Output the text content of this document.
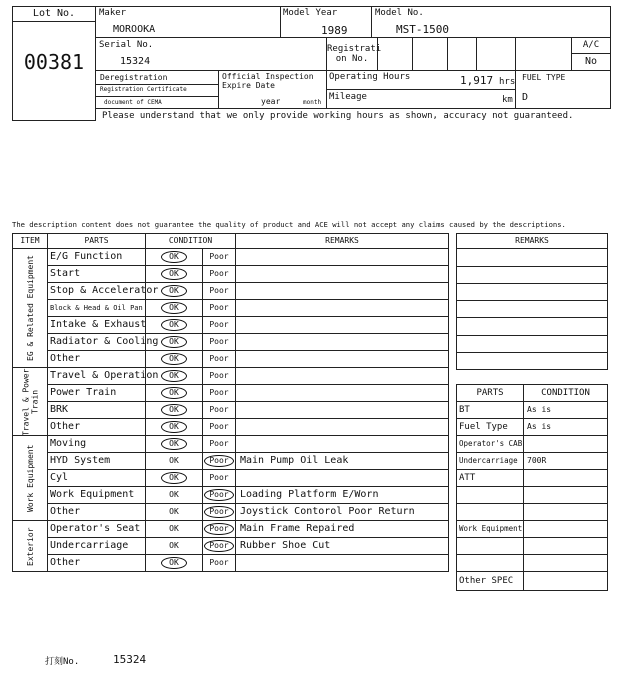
Lot No.
00381
Maker
MOROOKA
Model Year
1989
Model No.
MST-1500
Serial No.
15324
Registrati
on No.
A/C
No
Deregistration
Registration Certificate
document of CEMA
Official Inspection
Expire Date
year	month
Operating Hours	1,917 hrs
Mileage	km
FUEL TYPE
D
Please understand that we only provide working hours as shown, accuracy not guaranteed.
The description content does not guarantee the quality of product and ACE will not accept any claims caused by the descriptions.
ITEM	PARTS	CONDITION	REMARKS
EG & Related Equipment	E/G Function	OK	Poor
Start	OK	Poor
Stop & Accelerator	OK	Poor
Block & Head & Oil Pan	OK	Poor
Intake & Exhaust	OK	Poor
Radiator & Cooling	OK	Poor
Other	OK	Poor
Travel & Power Train
Travel & Operation	OK	Poor
Power Train	OK	Poor
BRK	OK	Poor
Other	OK	Poor
Work Equipment
Moving	OK	Poor
HYD System	OK	Poor	Main Pump Oil Leak
Cyl	OK	Poor
Work Equipment	OK	Poor	Loading Platform E/Worn
Other	OK	Poor	Joystick Contorol Poor Return
Exterior	Operator's Seat	OK	Poor	Main Frame Repaired
Undercarriage	OK	Poor	Rubber Shoe Cut
Other	OK	Poor
REMARKS
PARTS	CONDITION
BT	As is
Fuel Type	As is
Operator's CAB
Undercarriage	700R
ATT
Work Equipment
Other SPEC
打刻No.	15324
